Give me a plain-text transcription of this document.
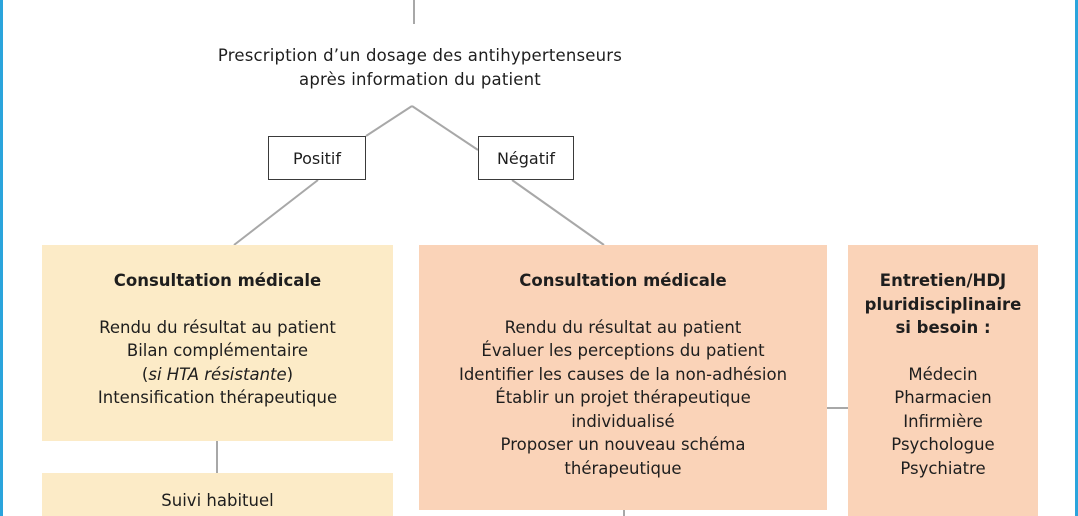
Prescription d’un dosage des antihypertenseurs
après information du patient
Positif	Négatif
Consultation médicale
Rendu du résultat au patient
Bilan complémentaire
(si HTA résistante)
Intensification thérapeutique
Suivi habituel
Consultation médicale
Rendu du résultat au patient
Évaluer les perceptions du patient
Identifier les causes de la non-adhésion
Établir un projet thérapeutique
individualisé
Proposer un nouveau schéma
thérapeutique
Entretien/HDJ
pluridisciplinaire
si besoin :
Médecin
Pharmacien
Infirmière
Psychologue
Psychiatre
